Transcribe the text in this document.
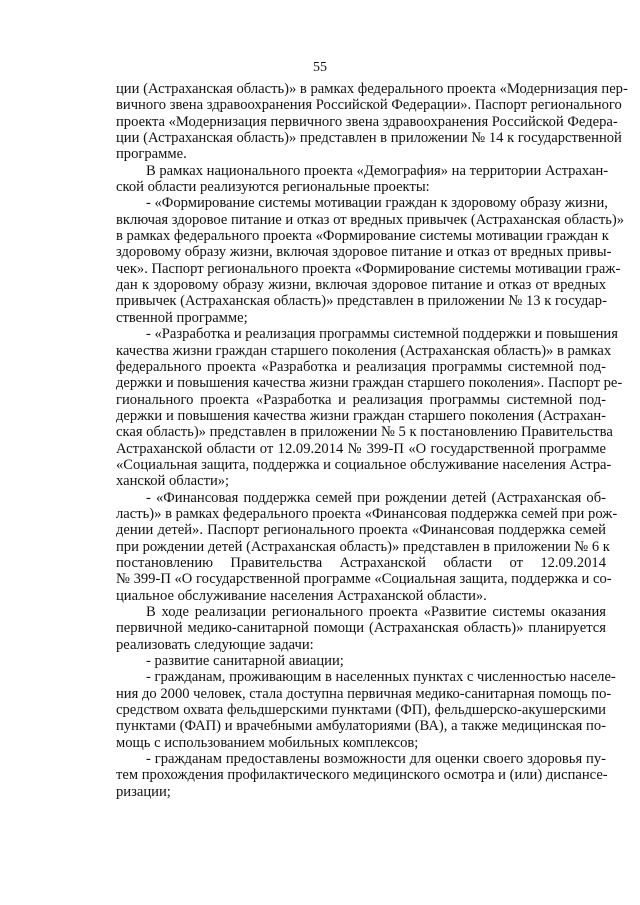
55
ции (Астраханская область)» в рамках федерального проекта «Модернизация пер-
вичного звена здравоохранения Российской Федерации». Паспорт регионального
проекта «Модернизация первичного звена здравоохранения Российской Федера-
ции (Астраханская область)» представлен в приложении № 14 к государственной
программе.
В рамках национального проекта «Демография» на территории Астрахан-
ской области реализуются региональные проекты:
- «Формирование системы мотивации граждан к здоровому образу жизни,
включая здоровое питание и отказ от вредных привычек (Астраханская область)»
в рамках федерального проекта «Формирование системы мотивации граждан к
здоровому образу жизни, включая здоровое питание и отказ от вредных привы-
чек». Паспорт регионального проекта «Формирование системы мотивации граж-
дан к здоровому образу жизни, включая здоровое питание и отказ от вредных
привычек (Астраханская область)» представлен в приложении № 13 к государ-
ственной программе;
- «Разработка и реализация программы системной поддержки и повышения
качества жизни граждан старшего поколения (Астраханская область)» в рамках
федерального проекта «Разработка и реализация программы системной под-
держки и повышения качества жизни граждан старшего поколения». Паспорт ре-
гионального проекта «Разработка и реализация программы системной под-
держки и повышения качества жизни граждан старшего поколения (Астрахан-
ская область)» представлен в приложении № 5 к постановлению Правительства
Астраханской области от 12.09.2014 № 399-П «О государственной программе
«Социальная защита, поддержка и социальное обслуживание населения Астра-
ханской области»;
- «Финансовая поддержка семей при рождении детей (Астраханская об-
ласть)» в рамках федерального проекта «Финансовая поддержка семей при рож-
дении детей». Паспорт регионального проекта «Финансовая поддержка семей
при рождении детей (Астраханская область)» представлен в приложении № 6 к
постановлению Правительства Астраханской области от 12.09.2014
№ 399-П «О государственной программе «Социальная защита, поддержка и со-
циальное обслуживание населения Астраханской области».
В ходе реализации регионального проекта «Развитие системы оказания
первичной медико-санитарной помощи (Астраханская область)» планируется
реализовать следующие задачи:
- развитие санитарной авиации;
- гражданам, проживающим в населенных пунктах с численностью населе-
ния до 2000 человек, стала доступна первичная медико-санитарная помощь по-
средством охвата фельдшерскими пунктами (ФП), фельдшерско-акушерскими
пунктами (ФАП) и врачебными амбулаториями (ВА), а также медицинская по-
мощь с использованием мобильных комплексов;
- гражданам предоставлены возможности для оценки своего здоровья пу-
тем прохождения профилактического медицинского осмотра и (или) диспансе-
ризации;
